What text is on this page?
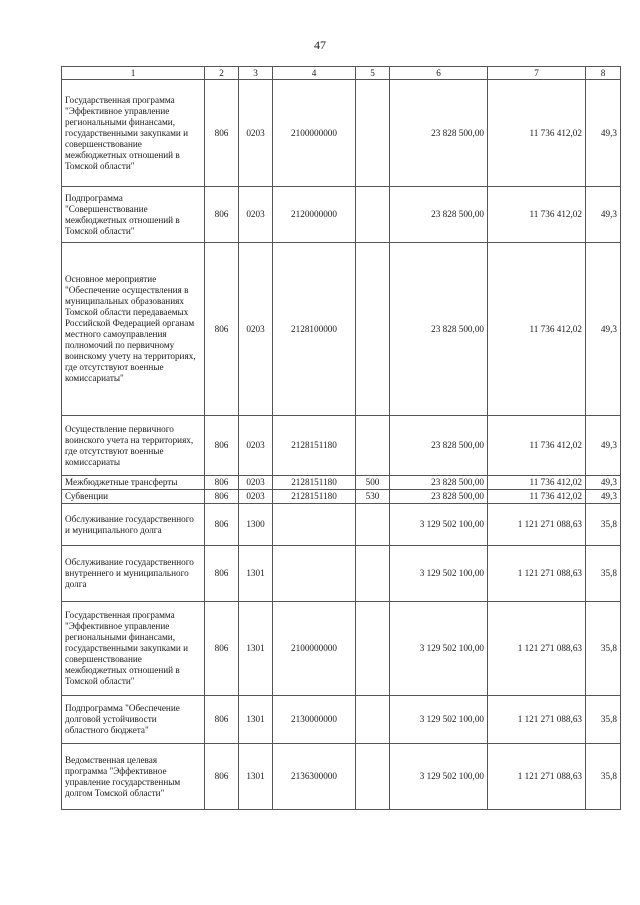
47
1	2	3	4	5	6	7	8
Государственная программа "Эффективное управление региональными финансами, государственными закупками и совершенствование межбюджетных отношений в Томской области"	806	0203	2100000000		23 828 500,00	11 736 412,02	49,3
Подпрограмма "Совершенствование межбюджетных отношений в Томской области"	806	0203	2120000000		23 828 500,00	11 736 412,02	49,3
Основное мероприятие "Обеспечение осуществления в муниципальных образованиях Томской области передаваемых Российской Федерацией органам местного самоуправления полномочий по первичному воинскому учету на территориях, где отсутствуют военные комиссариаты"	806	0203	2128100000		23 828 500,00	11 736 412,02	49,3
Осуществление первичного воинского учета на территориях, где отсутствуют военные комиссариаты	806	0203	2128151180		23 828 500,00	11 736 412,02	49,3
Межбюджетные трансферты	806	0203	2128151180	500	23 828 500,00	11 736 412,02	49,3
Субвенции	806	0203	2128151180	530	23 828 500,00	11 736 412,02	49,3
Обслуживание государственного и муниципального долга	806	1300			3 129 502 100,00	1 121 271 088,63	35,8
Обслуживание государственного внутреннего и муниципального долга	806	1301			3 129 502 100,00	1 121 271 088,63	35,8
Государственная программа "Эффективное управление региональными финансами, государственными закупками и совершенствование межбюджетных отношений в Томской области"	806	1301	2100000000		3 129 502 100,00	1 121 271 088,63	35,8
Подпрограмма "Обеспечение долговой устойчивости областного бюджета"	806	1301	2130000000		3 129 502 100,00	1 121 271 088,63	35,8
Ведомственная целевая программа "Эффективное управление государственным долгом Томской области"	806	1301	2136300000		3 129 502 100,00	1 121 271 088,63	35,8
